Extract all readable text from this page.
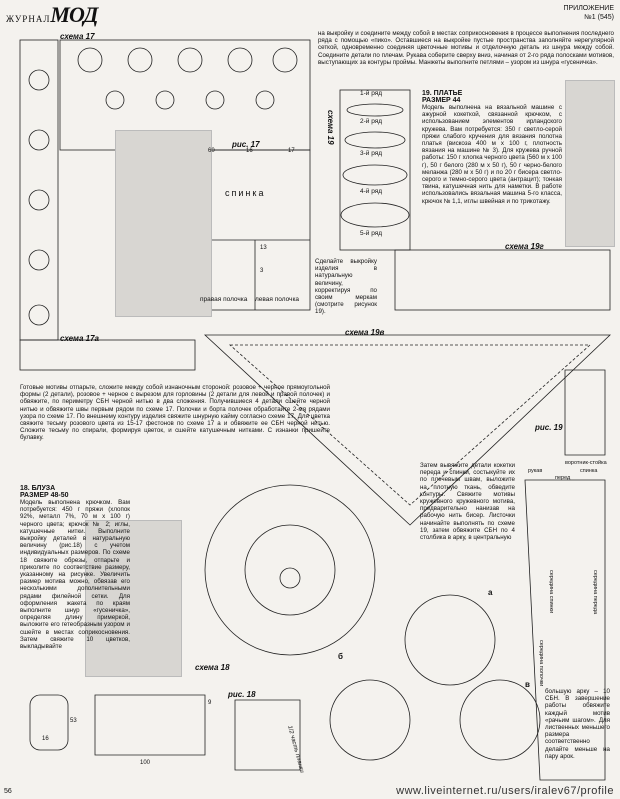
ЖУРНАЛМОД	ПРИЛОЖЕНИЕ
№1 (545)
схема 17
рис. 17
спинка
правая полочка левая полочка
схема 17а
схема 19
схема 19г
схема 19в
рис. 19
схема 18
рис. 18
1/2 часть планки
1-й ряд
2-й ряд
3-й ряд
4-й ряд
5-й ряд
60	16	17
13
3
16
53
100
9
на выкройку и соедините между собой в местах соприкосновения в процессе выполнения последнего ряда с помощью «пико». Оставшиеся на выкройке пустые пространства заполняйте нерегулярной сеткой, одновременно соединяя цветочные мотивы и отделочную деталь из шнура между собой. Соедините детали по плечам. Рукава соберите сверху вниз, начиная от 2-го ряда полосками мотивов, выступающих за контуры проймы. Манжеты выполните петлями – узором из шнура «гусеничка».
19. ПЛАТЬЕ
РАЗМЕР 44
Модель выполнена на вязальной машине с ажурной кокеткой, связанной крючком, с использованием элементов ирландского кружева. Вам потребуется: 350 г светло-серой пряжи слабого кручения для вязания полотна платья (вискоза 400 м x 100 г, плотность вязания на машине № 3). Для кружева ручной работы: 150 г хлопка черного цвета (560 м x 100 г), 50 г белого (280 м x 50 г), 50 г черно-белого меланжа (280 м x 50 г) и по 20 г бисера светло-серого и темно-серого цвета (антрацит); тонкая твина, катушечная нить для наметки. В работе использовались вязальная машина 5-го класса, крючок № 1,1, иглы швейная и по трикотажу.
Сделайте выкройку изделия в натуральную величину, корректируя по своим меркам (смотрите рисунок 19).
Готовые мотивы отпарьте, сложите между собой изнаночным стороной: розовое + черное прямоугольной формы (2 детали), розовое + черное с вырезом для горловины (2 детали для левой и правой полочек) и обвяжите, по периметру СБН черной нитью в два сложения. Получившиеся 4 детали сшейте черной нитью и обвяжите швы первым рядом по схеме 17. Полочки и борта полочек обработайте 2-мя рядами узора по схеме 17. По внешнему контуру изделия свяжите шнурную кайму согласно схеме 17. Для цветка свяжите тесьму розового цвета из 15-17 фестонов по схеме 17 а и обвяжите ее СБН черной нитью. Сложите тесьму по спирали, формируя цветок, и сшейте катушечным нитками. С изнанки пришейте булавку.
18. БЛУЗА
РАЗМЕР 48-50
Модель выполнена крючком. Вам потребуется: 450 г пряжи (хлопок 92%, металл 7%, 70 м x 100 г) черного цвета; крючок № 2; иглы, катушечные нитки. Выполните выкройку деталей в натуральную величину (рис.18) с учетом индивидуальных размеров. По схеме 18 свяжите обрезы, отпарьте и приколите по соответствие размеру, указанному на рисунке. Увеличить размер мотива можно, обвязав его несколькими дополнительными рядами филейной сетки. Для оформления жакета по краям выполните шнур «гусеничка», определяя длину примеркой, выложите его гетеобразным узором и сшейте в местах соприкосновения. Затем свяжите 10 цветков, выкладывайте
Затем вывяжите детали кокетки переда и спинки, состыкуйте их по плечевым швам, выложите на плотную ткань, обведите контуры. Свяжите мотивы кружевного кружевного мотива, предварительно нанизав на рабочую нить бисер. Листочки начинайте выполнять по схеме 19, затем обвяжите СБН по 4 столбика в арку, в центральную
большую арку – 10 СБН. В завершение работы обвяжите каждый мотив «рачьим шагом». Для лиственных меньшего размера соответственно делайте меньше на пару арок.
а
б
в
рукав
перед
спинка
воротник-стойка
середина спинки	середина переда
середина полочки
56	www.liveinternet.ru/users/iralev67/profile
